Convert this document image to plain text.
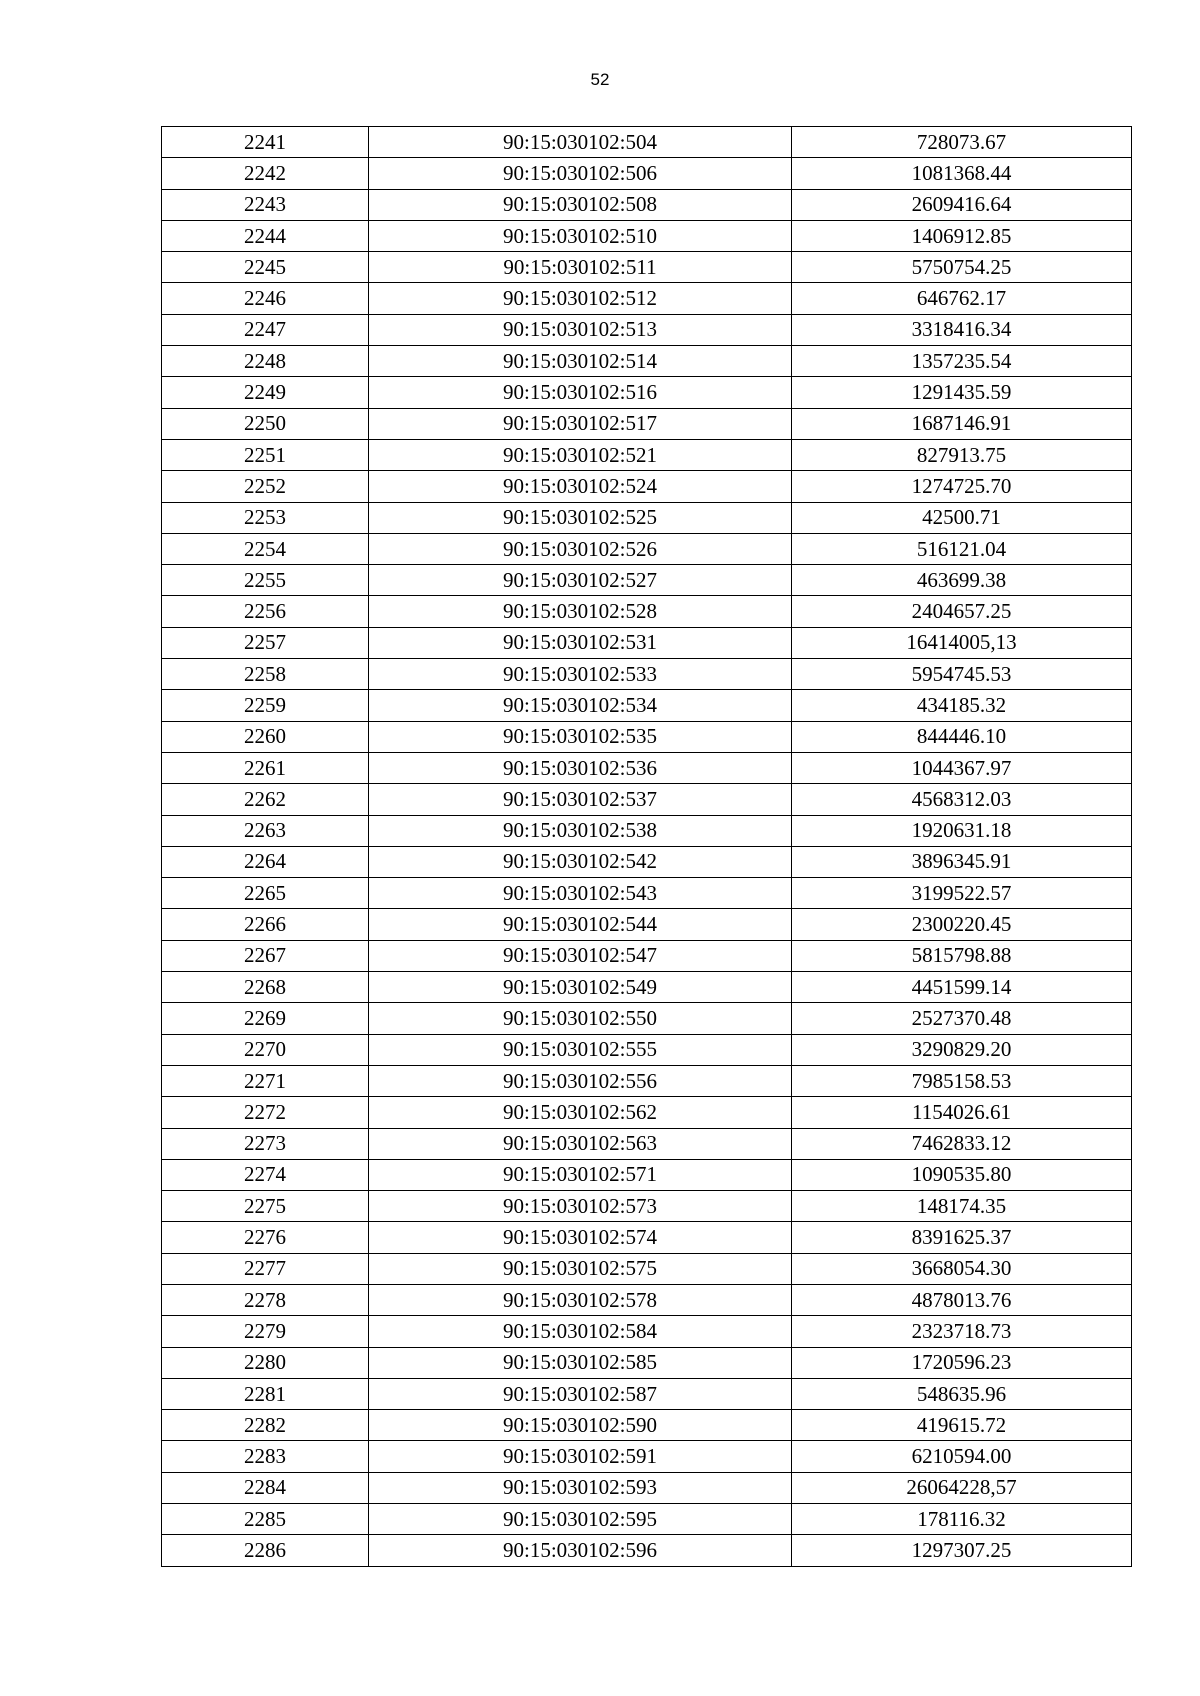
52
2241	90:15:030102:504	728073.67
2242	90:15:030102:506	1081368.44
2243	90:15:030102:508	2609416.64
2244	90:15:030102:510	1406912.85
2245	90:15:030102:511	5750754.25
2246	90:15:030102:512	646762.17
2247	90:15:030102:513	3318416.34
2248	90:15:030102:514	1357235.54
2249	90:15:030102:516	1291435.59
2250	90:15:030102:517	1687146.91
2251	90:15:030102:521	827913.75
2252	90:15:030102:524	1274725.70
2253	90:15:030102:525	42500.71
2254	90:15:030102:526	516121.04
2255	90:15:030102:527	463699.38
2256	90:15:030102:528	2404657.25
2257	90:15:030102:531	16414005,13
2258	90:15:030102:533	5954745.53
2259	90:15:030102:534	434185.32
2260	90:15:030102:535	844446.10
2261	90:15:030102:536	1044367.97
2262	90:15:030102:537	4568312.03
2263	90:15:030102:538	1920631.18
2264	90:15:030102:542	3896345.91
2265	90:15:030102:543	3199522.57
2266	90:15:030102:544	2300220.45
2267	90:15:030102:547	5815798.88
2268	90:15:030102:549	4451599.14
2269	90:15:030102:550	2527370.48
2270	90:15:030102:555	3290829.20
2271	90:15:030102:556	7985158.53
2272	90:15:030102:562	1154026.61
2273	90:15:030102:563	7462833.12
2274	90:15:030102:571	1090535.80
2275	90:15:030102:573	148174.35
2276	90:15:030102:574	8391625.37
2277	90:15:030102:575	3668054.30
2278	90:15:030102:578	4878013.76
2279	90:15:030102:584	2323718.73
2280	90:15:030102:585	1720596.23
2281	90:15:030102:587	548635.96
2282	90:15:030102:590	419615.72
2283	90:15:030102:591	6210594.00
2284	90:15:030102:593	26064228,57
2285	90:15:030102:595	178116.32
2286	90:15:030102:596	1297307.25
